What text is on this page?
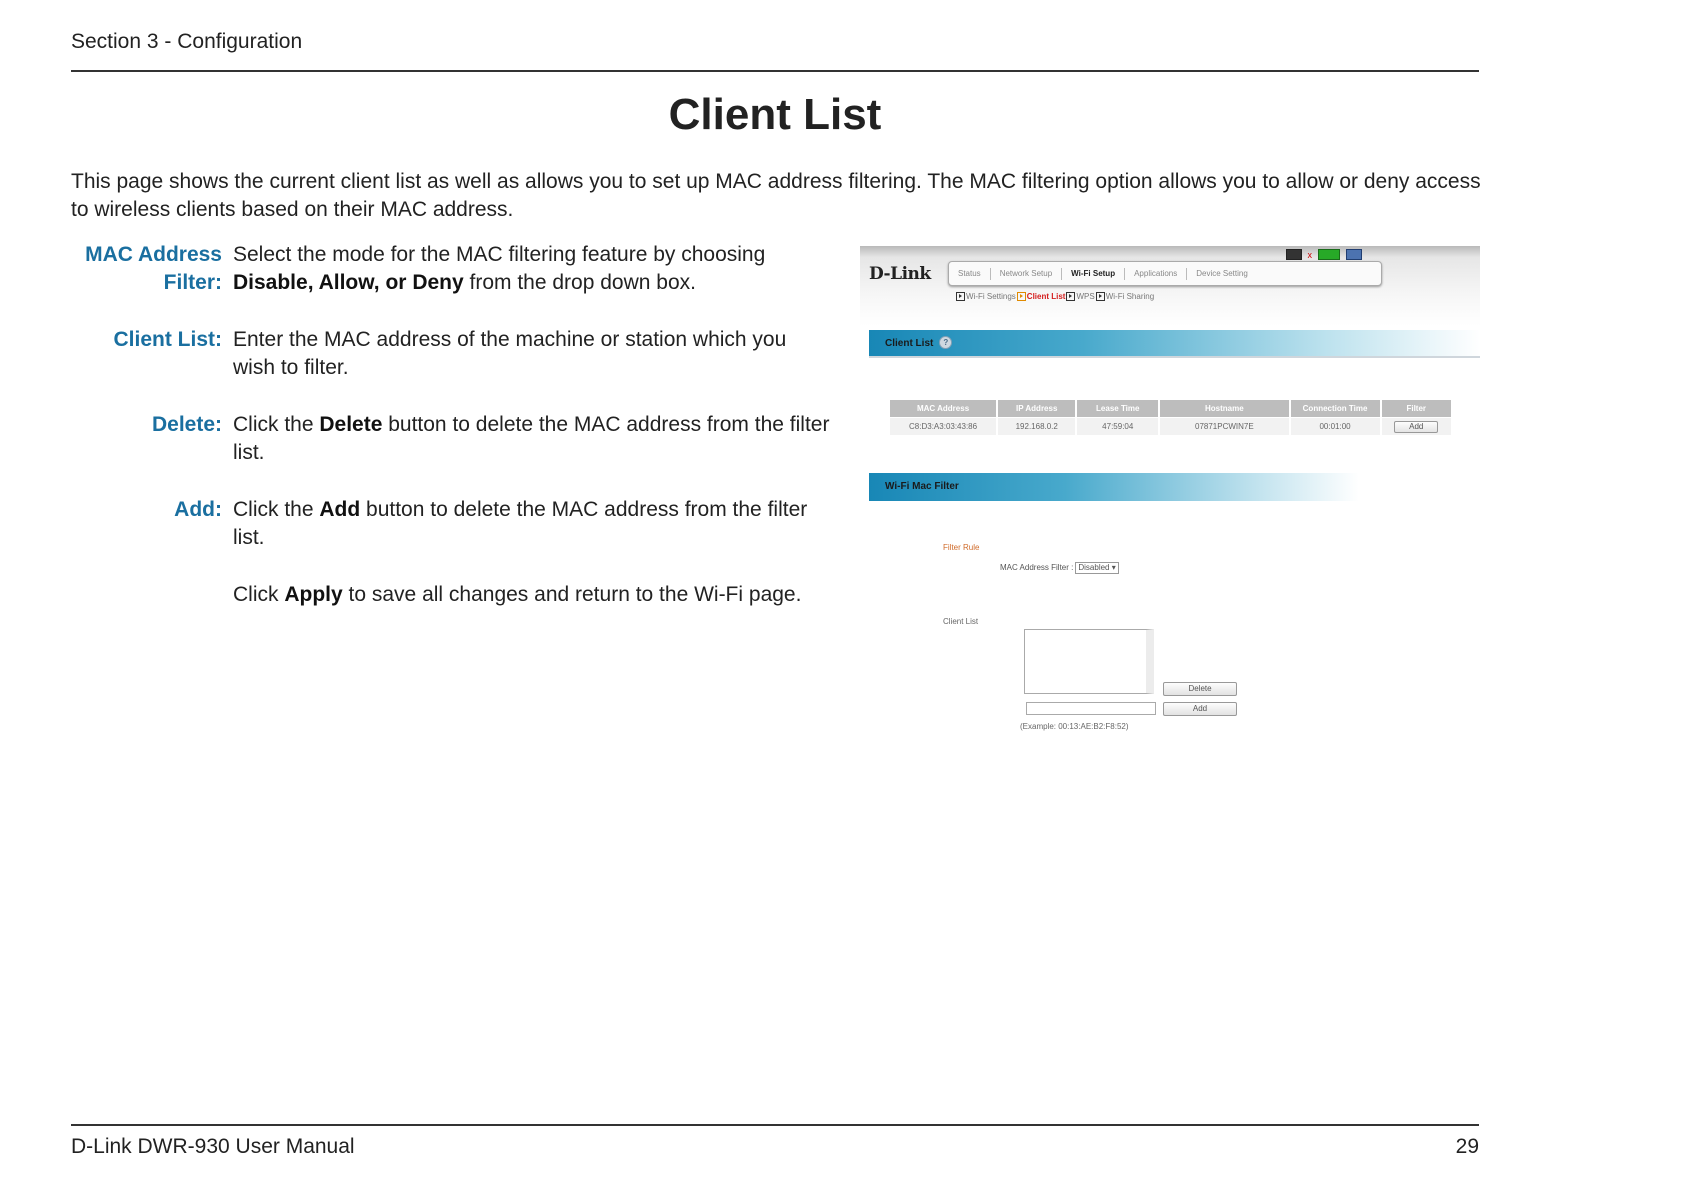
Section 3 - Configuration
Client List
This page shows the current client list as well as allows you to set up MAC address filtering. The MAC filtering option allows you to allow or deny access to wireless clients based on their MAC address.
MAC Address
Filter:
Select the mode for the MAC filtering feature by choosing Disable, Allow, or Deny from the drop down box.
Client List: Enter the MAC address of the machine or station which you wish to filter.
Delete: Click the Delete button to delete the MAC address from the filter list.
Add: Click the Add button to delete the MAC address from the filter list.
Click Apply to save all changes and return to the Wi-Fi page.
D-Link
x
Status	Network Setup	Wi-Fi Setup	Applications	Device Setting
Wi-Fi Settings Client List WPS Wi-Fi Sharing
Client List ?
MAC Address	IP Address	Lease Time	Hostname	Connection Time	Filter
C8:D3:A3:03:43:86	192.168.0.2	47:59:04	07871PCWIN7E	00:01:00	Add
Wi-Fi Mac Filter
Filter Rule
MAC Address Filter : Disabled ▾
Client List
Delete
Add
(Example: 00:13:AE:B2:F8:52)
D-Link DWR-930 User Manual	29
